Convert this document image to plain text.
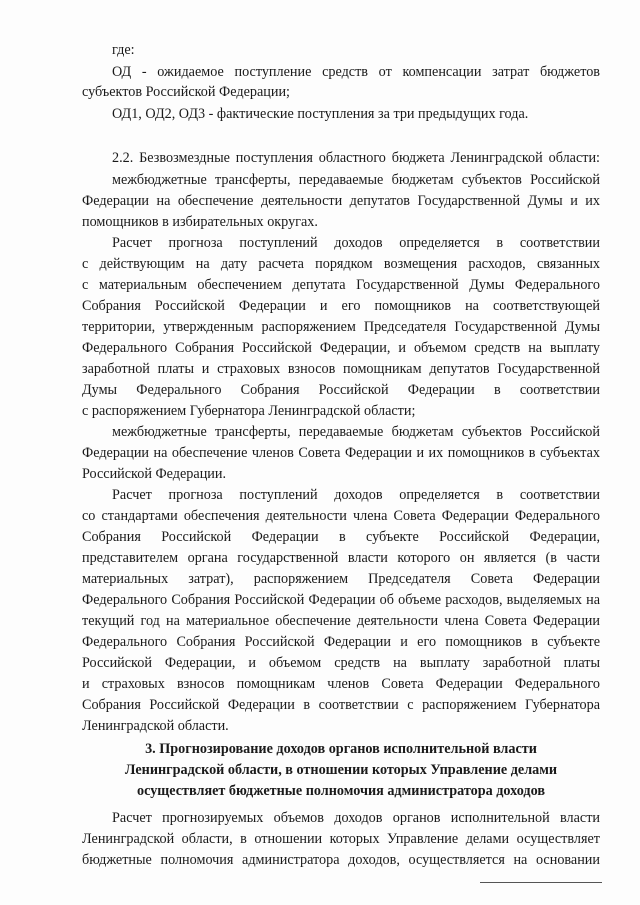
где:
ОД - ожидаемое поступление средств от компенсации затрат бюджетов
субъектов Российской Федерации;
ОД1, ОД2, ОД3 - фактические поступления за три предыдущих года.
2.2. Безвозмездные поступления областного бюджета Ленинградской области:
межбюджетные трансферты, передаваемые бюджетам субъектов Российской
Федерации на обеспечение деятельности депутатов Государственной Думы и их
помощников в избирательных округах.
Расчет прогноза поступлений доходов определяется в соответствии
с действующим на дату расчета порядком возмещения расходов, связанных
с материальным обеспечением депутата Государственной Думы Федерального
Собрания Российской Федерации и его помощников на соответствующей
территории, утвержденным распоряжением Председателя Государственной Думы
Федерального Собрания Российской Федерации, и объемом средств на выплату
заработной платы и страховых взносов помощникам депутатов Государственной
Думы Федерального Собрания Российской Федерации в соответствии
с распоряжением Губернатора Ленинградской области;
межбюджетные трансферты, передаваемые бюджетам субъектов Российской
Федерации на обеспечение членов Совета Федерации и их помощников в субъектах
Российской Федерации.
Расчет прогноза поступлений доходов определяется в соответствии
со стандартами обеспечения деятельности члена Совета Федерации Федерального
Собрания Российской Федерации в субъекте Российской Федерации,
представителем органа государственной власти которого он является (в части
материальных затрат), распоряжением Председателя Совета Федерации
Федерального Собрания Российской Федерации об объеме расходов, выделяемых на
текущий год на материальное обеспечение деятельности члена Совета Федерации
Федерального Собрания Российской Федерации и его помощников в субъекте
Российской Федерации, и объемом средств на выплату заработной платы
и страховых взносов помощникам членов Совета Федерации Федерального
Собрания Российской Федерации в соответствии с распоряжением Губернатора
Ленинградской области.
3. Прогнозирование доходов органов исполнительной власти
Ленинградской области, в отношении которых Управление делами
осуществляет бюджетные полномочия администратора доходов
Расчет прогнозируемых объемов доходов органов исполнительной власти
Ленинградской области, в отношении которых Управление делами осуществляет
бюджетные полномочия администратора доходов, осуществляется на основании
